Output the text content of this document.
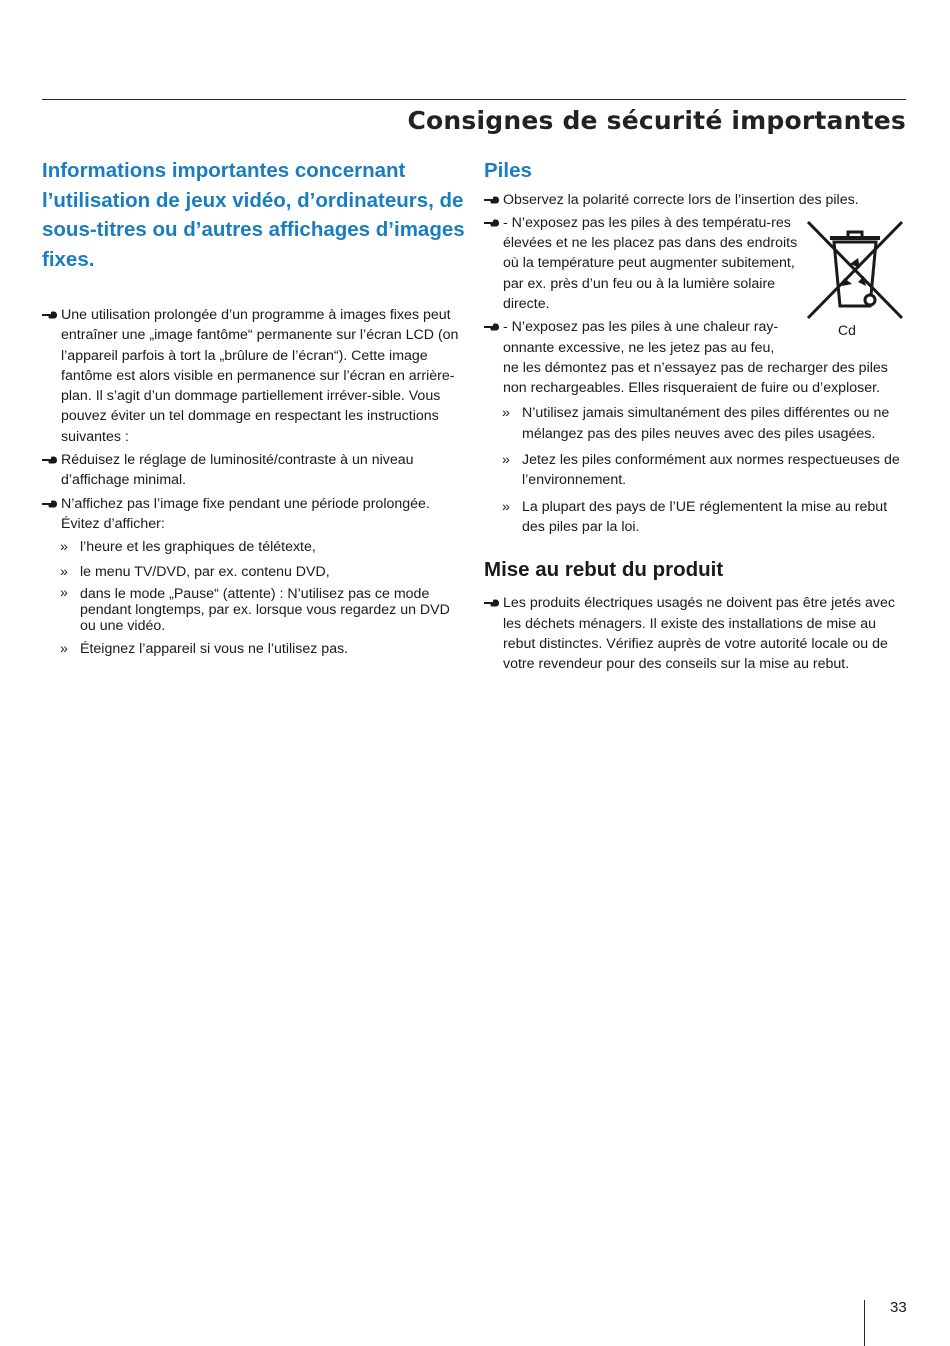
Consignes de sécurité importantes
Informations importantes concernant l’utilisation de jeux vidéo, d’ordinateurs, de sous-titres ou d’autres affichages d’images fixes.
Une utilisation prolongée d’un programme à images fixes peut entraîner une „image fantôme“ permanente sur l’écran LCD (on l’appareil parfois à tort la „brûlure de l’écran“). Cette image fantôme est alors visible en permanence sur l’écran en arrière-plan. Il s’agit d’un dommage partiellement irréver-sible. Vous pouvez éviter un tel dommage en respectant les instructions suivantes :
Réduisez le réglage de luminosité/contraste à un niveau d’affichage minimal.
N’affichez pas l’image fixe pendant une période prolongée. Évitez d’afficher:
» l’heure et les graphiques de télétexte,
» le menu TV/DVD, par ex. contenu DVD,
» dans le mode „Pause“ (attente) : N’utilisez pas ce mode pendant longtemps, par ex. lorsque vous regardez un DVD ou une vidéo.
» Éteignez l’appareil si vous ne l’utilisez pas.
Piles
Observez la polarité correcte lors de l’insertion des piles.
- N’exposez pas les piles à des températu-res élevées et ne les placez pas dans des endroits où la température peut augmenter subitement, par ex. près d’un feu ou à la lumière solaire directe.
- N’exposez pas les piles à une chaleur ray-onnante excessive, ne les jetez pas au feu,
ne les démontez pas et n’essayez pas de recharger des piles non rechargeables. Elles risqueraient de fuire ou d’exploser.
» N’utilisez jamais simultanément des piles différentes ou ne mélangez pas des piles neuves avec des piles usagées.
» Jetez les piles conformément aux normes respectueuses de l’environnement.
» La plupart des pays de l’UE réglementent la mise au rebut des piles par la loi.
Mise au rebut du produit
Les produits électriques usagés ne doivent pas être jetés avec les déchets ménagers. Il existe des installations de mise au rebut distinctes. Vérifiez auprès de votre autorité locale ou de votre revendeur pour des conseils sur la mise au rebut.
Cd
33
